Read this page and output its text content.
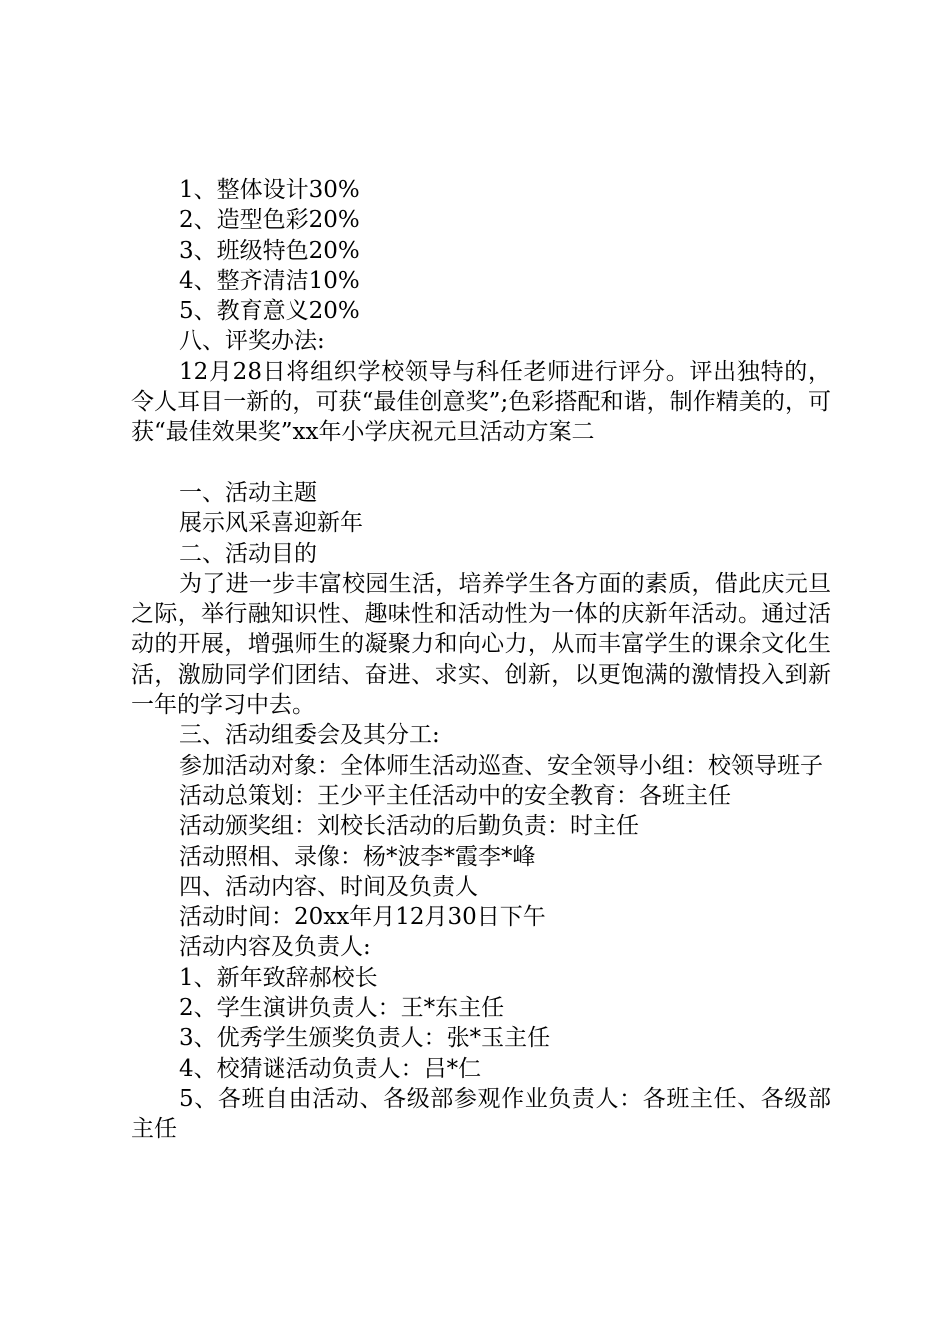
1、整体设计30%

2、造型色彩20%

3、班级特色20%

4、整齐清洁10%

5、教育意义20%

八、评奖办法:

12月28日将组织学校领导与科任老师进行评分。评出独特的，令人耳目一新的，可获“最佳创意奖”;色彩搭配和谐，制作精美的，可获“最佳效果奖”xx年小学庆祝元旦活动方案二

一、活动主题

展示风采喜迎新年

二、活动目的

为了进一步丰富校园生活，培养学生各方面的素质，借此庆元旦之际，举行融知识性、趣味性和活动性为一体的庆新年活动。通过活动的开展，增强师生的凝聚力和向心力，从而丰富学生的课余文化生活，激励同学们团结、奋进、求实、创新，以更饱满的激情投入到新一年的学习中去。

三、活动组委会及其分工:

参加活动对象：全体师生活动巡查、安全领导小组：校领导班子

活动总策划：王少平主任活动中的安全教育：各班主任

活动颁奖组：刘校长活动的后勤负责：时主任

活动照相、录像：杨*波李*霞李*峰

四、活动内容、时间及负责人

活动时间：20xx年月12月30日下午

活动内容及负责人:

1、新年致辞郝校长

2、学生演讲负责人：王*东主任

3、优秀学生颁奖负责人：张*玉主任

4、校猜谜活动负责人：吕*仁

5、各班自由活动、各级部参观作业负责人：各班主任、各级部主任
